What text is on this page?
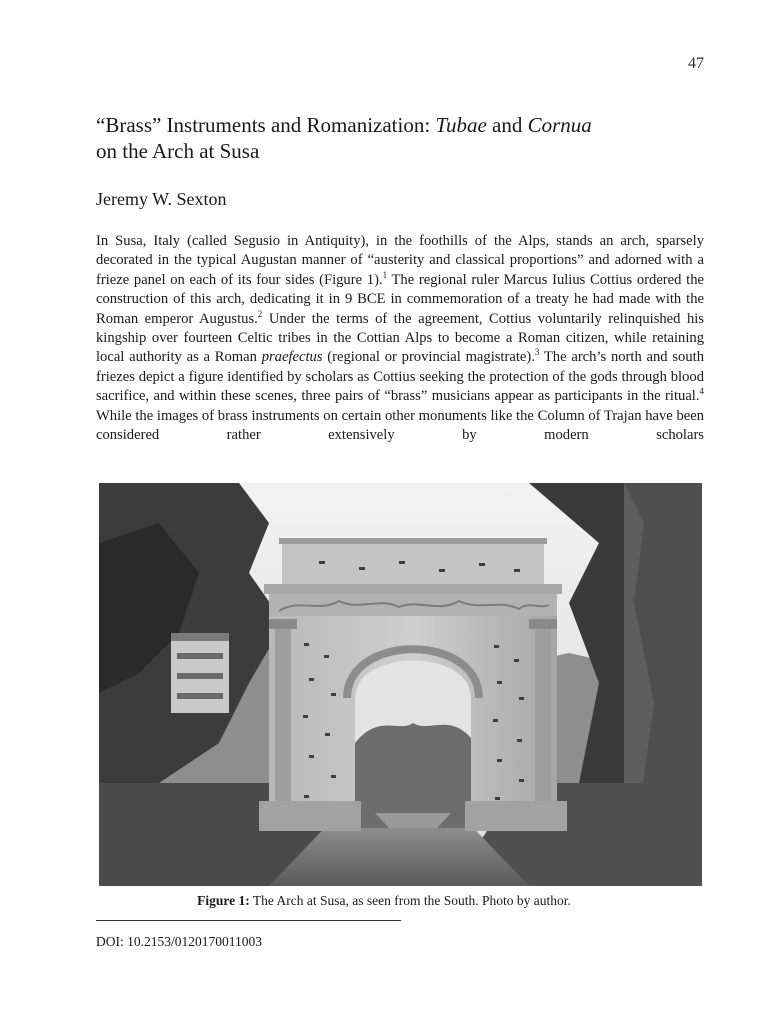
47
“Brass” Instruments and Romanization: Tubae and Cornua
on the Arch at Susa
Jeremy W. Sexton

In Susa, Italy (called Segusio in Antiquity), in the foothills of the Alps, stands an arch, sparsely decorated in the typical Augustan manner of “austerity and classical proportions” and adorned with a frieze panel on each of its four sides (Figure 1).$^1$ The regional ruler Marcus Iulius Cottius ordered the construction of this arch, dedicating it in 9 BCE in commemoration of a treaty he had made with the Roman emperor Augustus.$^2$ Under the terms of the agreement, Cottius voluntarily relinquished his kingship over fourteen Celtic tribes in the Cottian Alps to become a Roman citizen, while retaining local authority as a Roman praefectus (regional or provincial magistrate).$^3$ The arch’s north and south friezes depict a figure identified by scholars as Cottius seeking the protection of the gods through blood sacrifice, and within these scenes, three pairs of “brass” musicians appear as participants in the ritual.$^4$ While the images of brass instruments on certain other monuments like the Column of Trajan have been considered rather extensively by modern scholars

Figure 1: The Arch at Susa, as seen from the South. Photo by author.

DOI: 10.2153/0120170011003
